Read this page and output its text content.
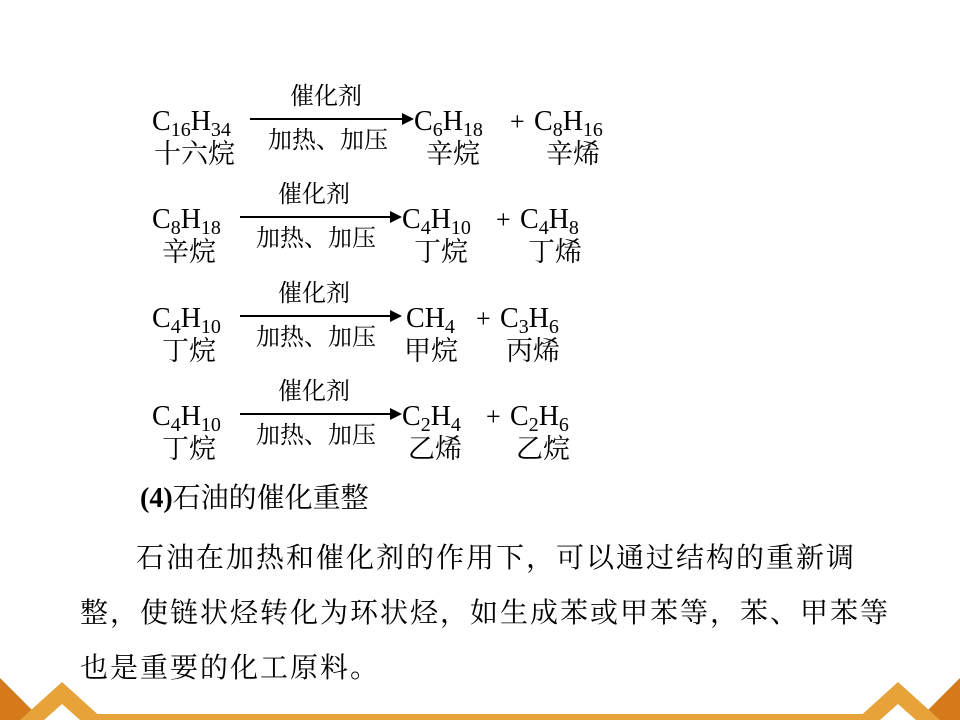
$C_{16}H_{34}$
十六烷
催化剂
加热、加压
$C_6H_{18}$
辛烷
+ $C_8H_{16}$
辛烯
$C_8H_{18}$
辛烷
催化剂
加热、加压
$C_4H_{10}$
丁烷
+ $C_4H_8$
丁烯
$C_4H_{10}$
丁烷
催化剂
加热、加压
$CH_4$
甲烷
+ $C_3H_6$
丙烯
$C_4H_{10}$
丁烷
催化剂
加热、加压
$C_2H_4$
乙烯
+ $C_2H_6$
乙烷
(4)石油的催化重整
石油在加热和催化剂的作用下，可以通过结构的重新调整，使链状烃转化为环状烃，如生成苯或甲苯等，苯、甲苯等也是重要的化工原料。
